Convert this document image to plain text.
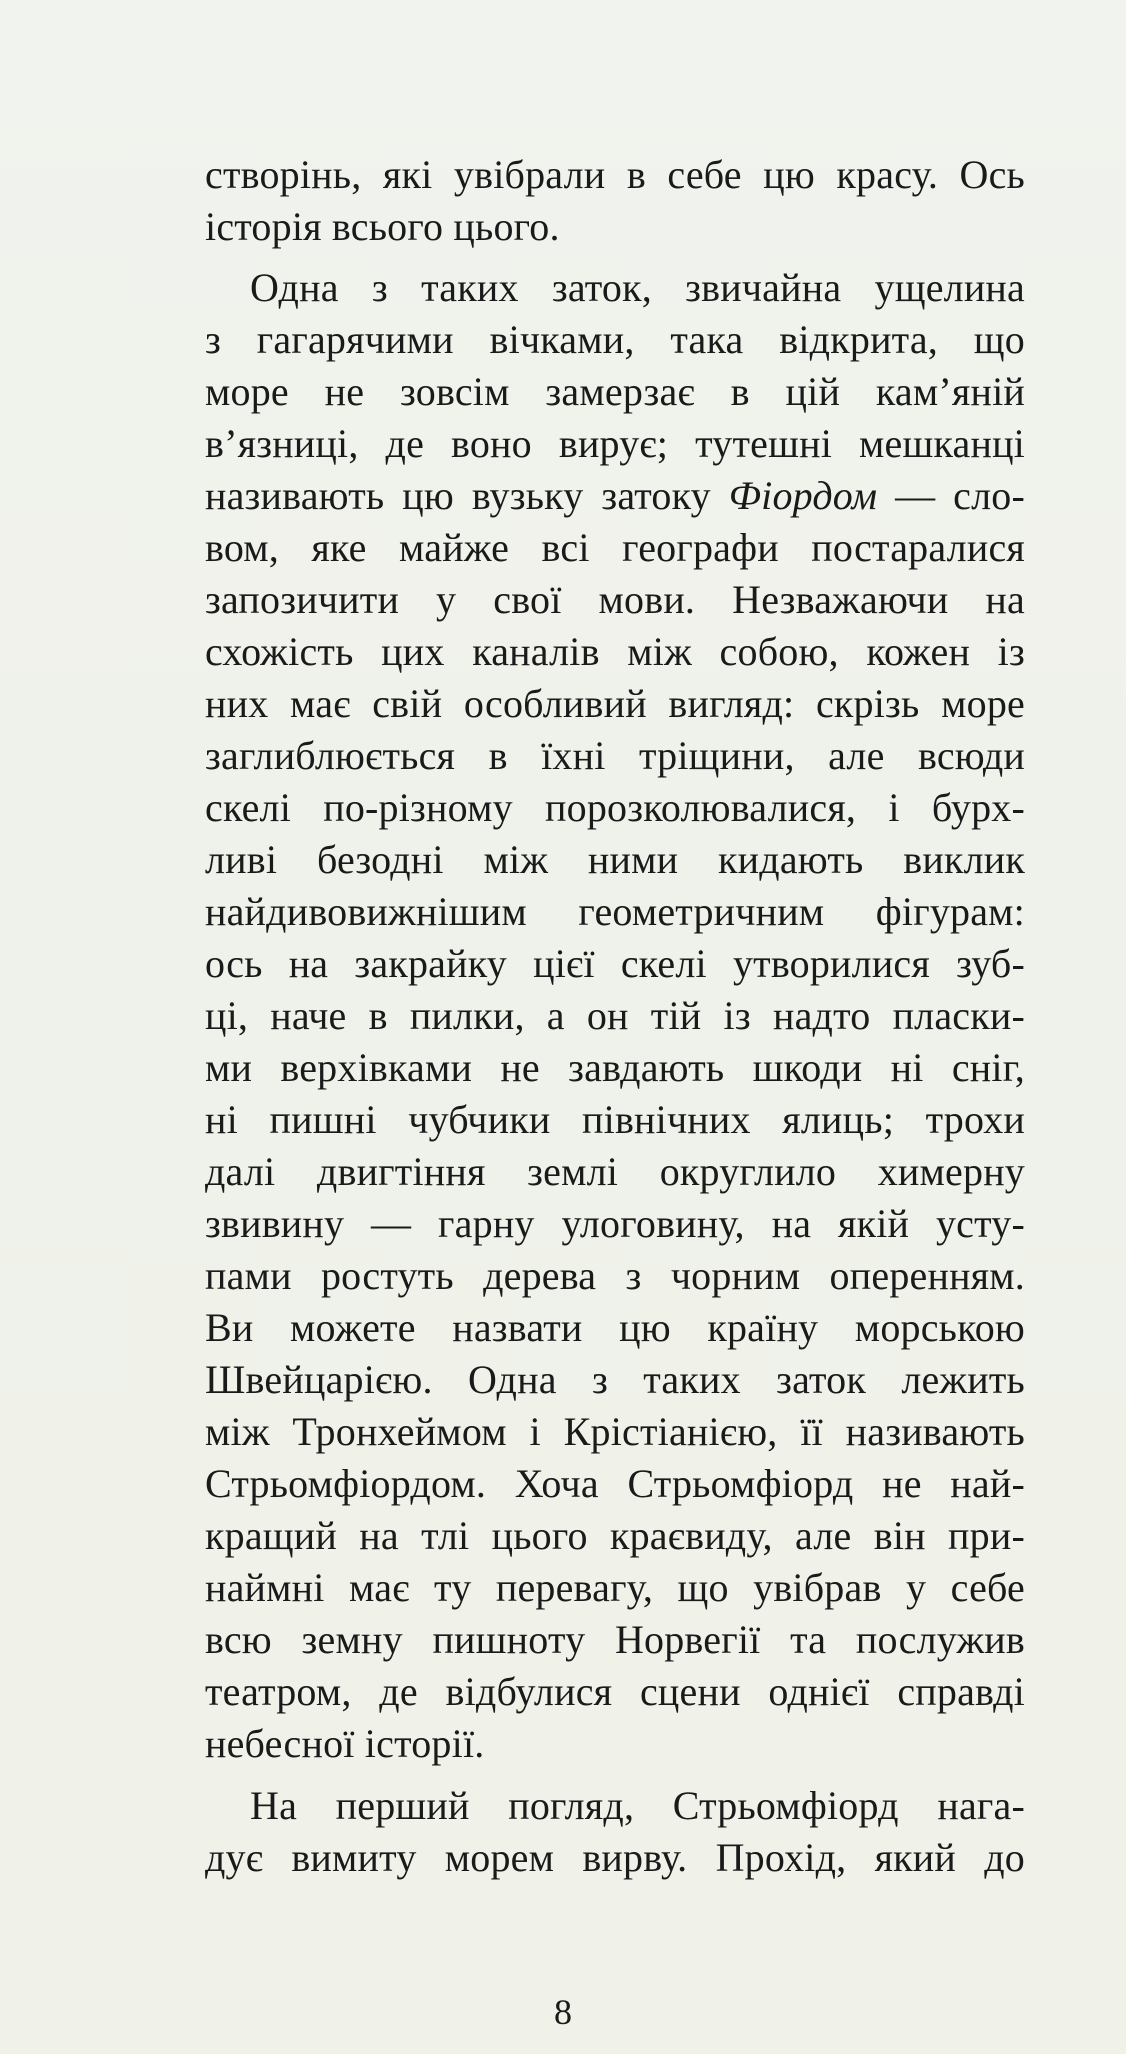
створінь, які увібрали в себе цю красу. Ось
історія всього цього.
Одна з таких заток, звичайна ущелина
з гагарячими вічками, така відкрита, що
море не зовсім замерзає в цій кам’яній
в’язниці, де воно вирує; тутешні мешканці
називають цю вузьку затоку Фіордом — сло-
вом, яке майже всі географи постаралися
запозичити у свої мови. Незважаючи на
схожість цих каналів між собою, кожен із
них має свій особливий вигляд: скрізь море
заглиблюється в їхні тріщини, але всюди
скелі по-різному порозколювалися, і бурх-
ливі безодні між ними кидають виклик
найдивовижнішим геометричним фігурам:
ось на закрайку цієї скелі утворилися зуб-
ці, наче в пилки, а он тій із надто пласки-
ми верхівками не завдають шкоди ні сніг,
ні пишні чубчики північних ялиць; трохи
далі двигтіння землі округлило химерну
звивину — гарну улоговину, на якій усту-
пами ростуть дерева з чорним оперенням.
Ви можете назвати цю країну морською
Швейцарією. Одна з таких заток лежить
між Тронхеймом і Крістіанією, її називають
Стрьомфіордом. Хоча Стрьомфіорд не най-
кращий на тлі цього краєвиду, але він при-
наймні має ту перевагу, що увібрав у себе
всю земну пишноту Норвегії та послужив
театром, де відбулися сцени однієї справді
небесної історії.
На перший погляд, Стрьомфіорд нага-
дує вимиту морем вирву. Прохід, який до
8
